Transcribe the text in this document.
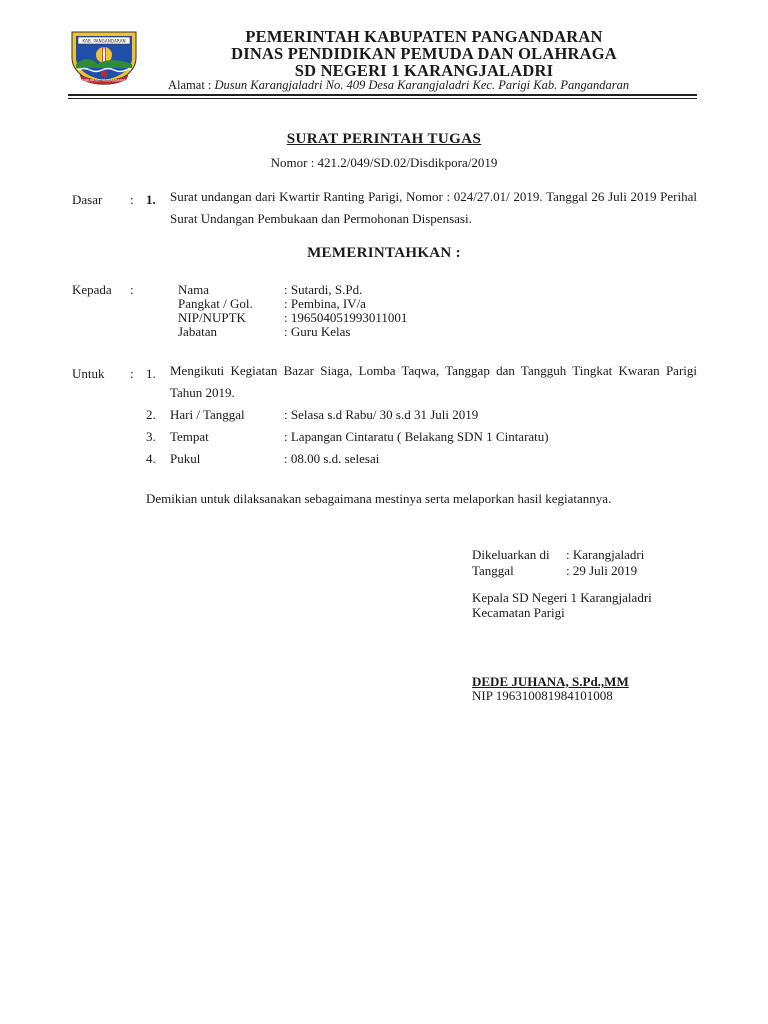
KAB. PANGANDARAN
KABUPATEN PANGANDARAN
PEMERINTAH KABUPATEN PANGANDARAN
DINAS PENDIDIKAN PEMUDA DAN OLAHRAGA
SD NEGERI 1 KARANGJALADRI
Alamat : Dusun Karangjaladri No. 409 Desa Karangjaladri Kec. Parigi Kab. Pangandaran
SURAT PERINTAH TUGAS
Nomor : 421.2/049/SD.02/Disdikpora/2019
Dasar : 1. Surat undangan dari Kwartir Ranting Parigi, Nomor : 024/27.01/ 2019. Tanggal 26 Juli 2019 Perihal Surat Undangan Pembukaan dan Permohonan Dispensasi.
MEMERINTAHKAN :
Kepada :	Nama	: Sutardi, S.Pd.
Pangkat / Gol. : Pembina, IV/a
NIP/NUPTK	: 196504051993011001
Jabatan	: Guru Kelas
Untuk : 1. Mengikuti Kegiatan Bazar Siaga, Lomba Taqwa, Tanggap dan Tangguh Tingkat Kwaran Parigi Tahun 2019.
2. Hari / Tanggal	: Selasa s.d Rabu/ 30 s.d 31 Juli 2019
3. Tempat	: Lapangan Cintaratu ( Belakang SDN 1 Cintaratu)
4. Pukul	: 08.00 s.d. selesai
Demikian untuk dilaksanakan sebagaimana mestinya serta melaporkan hasil kegiatannya.
Dikeluarkan di : Karangjaladri
Tanggal	: 29 Juli 2019
Kepala SD Negeri 1 Karangjaladri
Kecamatan Parigi
DEDE JUHANA, S.Pd.,MM
NIP 196310081984101008
